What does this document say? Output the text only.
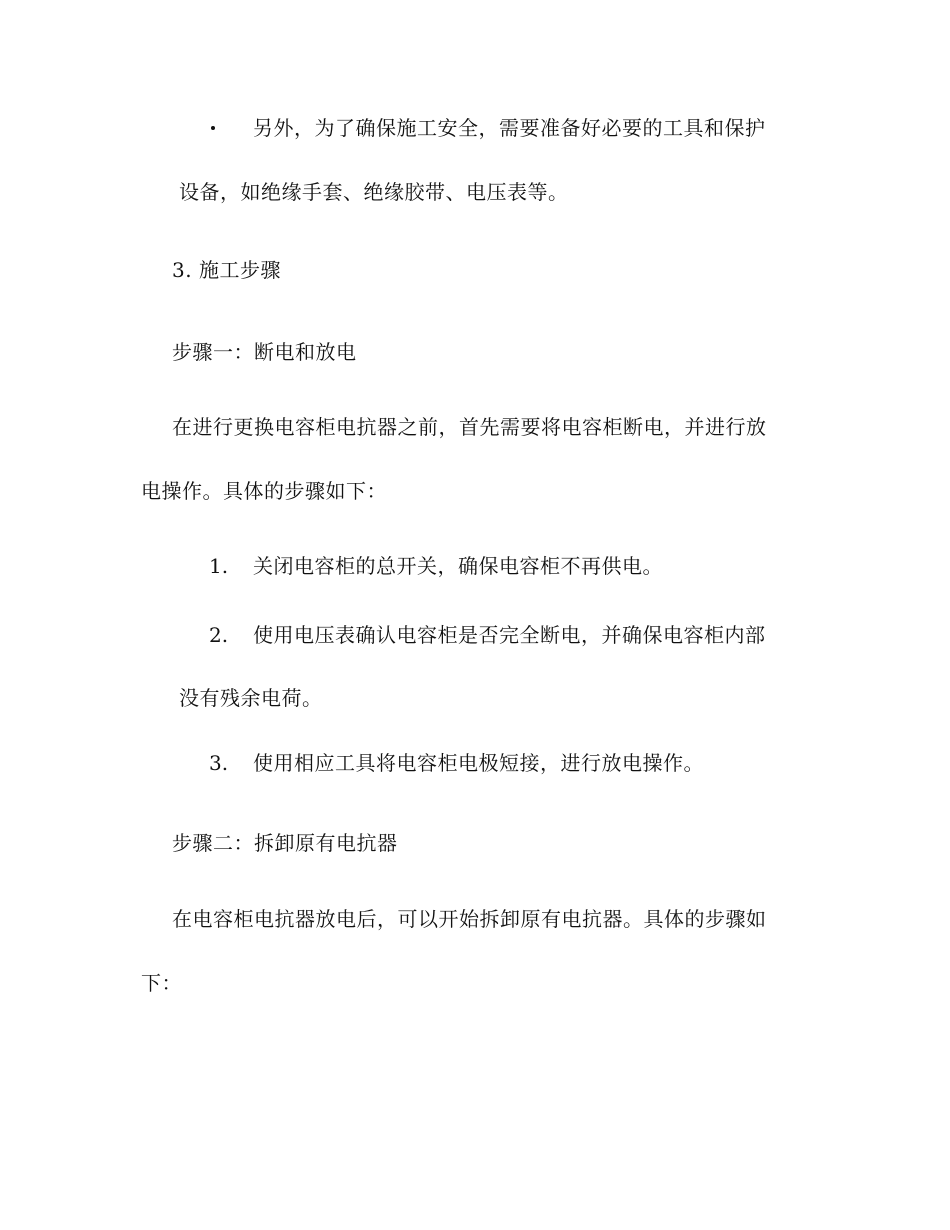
另外，为了确保施工安全，需要准备好必要的工具和保护
设备，如绝缘手套、绝缘胶带、电压表等。
3. 施工步骤
步骤一：断电和放电
在进行更换电容柜电抗器之前，首先需要将电容柜断电，并进行放
电操作。具体的步骤如下：
1. 关闭电容柜的总开关，确保电容柜不再供电。
2. 使用电压表确认电容柜是否完全断电，并确保电容柜内部
没有残余电荷。
3. 使用相应工具将电容柜电极短接，进行放电操作。
步骤二：拆卸原有电抗器
在电容柜电抗器放电后，可以开始拆卸原有电抗器。具体的步骤如
下：
